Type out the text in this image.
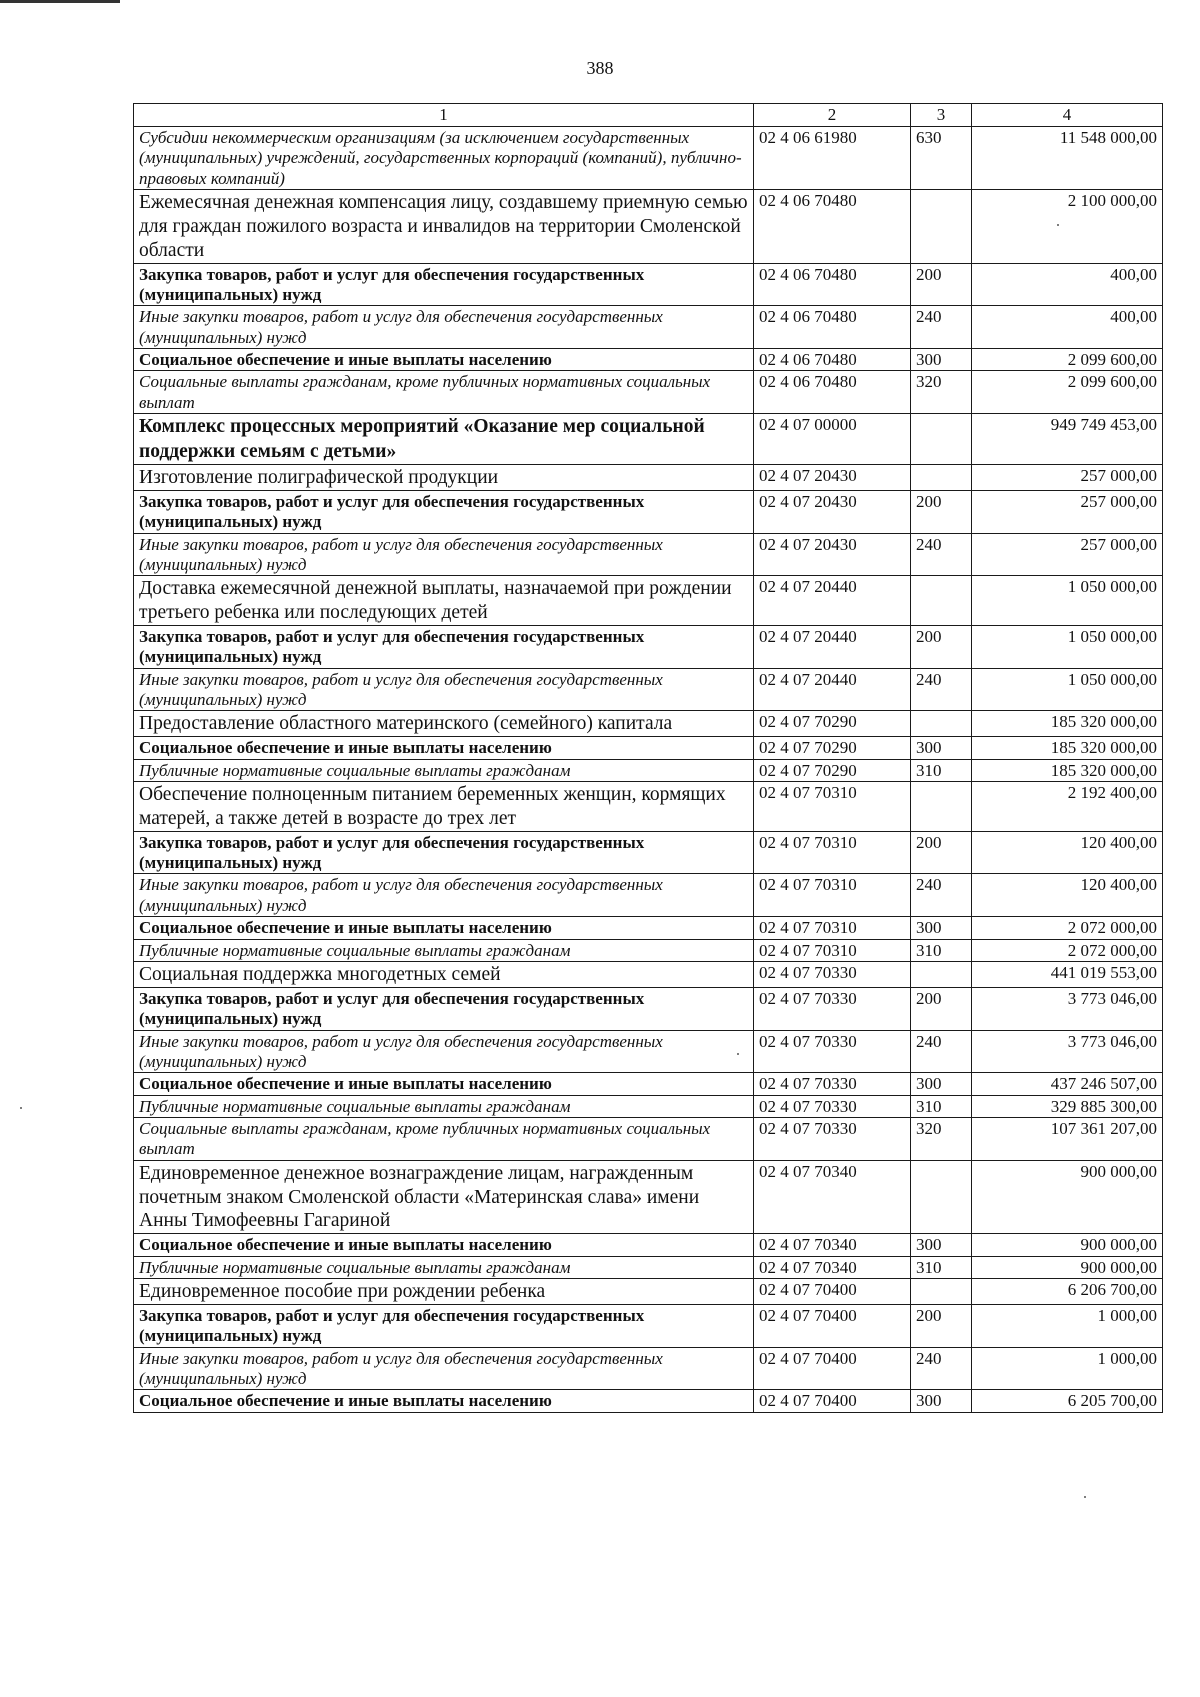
388
1	2	3	4
Субсидии некоммерческим организациям (за исключением государственных (муниципальных) учреждений, государственных корпораций (компаний), публично-правовых компаний)	02 4 06 61980	630	11 548 000,00
Ежемесячная денежная компенсация лицу, создавшему приемную семью для граждан пожилого возраста и инвалидов на территории Смоленской области	02 4 06 70480		2 100 000,00
Закупка товаров, работ и услуг для обеспечения государственных (муниципальных) нужд	02 4 06 70480	200	400,00
Иные закупки товаров, работ и услуг для обеспечения государственных (муниципальных) нужд	02 4 06 70480	240	400,00
Социальное обеспечение и иные выплаты населению	02 4 06 70480	300	2 099 600,00
Социальные выплаты гражданам, кроме публичных нормативных социальных выплат	02 4 06 70480	320	2 099 600,00
Комплекс процессных мероприятий «Оказание мер социальной поддержки семьям с детьми»	02 4 07 00000		949 749 453,00
Изготовление полиграфической продукции	02 4 07 20430		257 000,00
Закупка товаров, работ и услуг для обеспечения государственных (муниципальных) нужд	02 4 07 20430	200	257 000,00
Иные закупки товаров, работ и услуг для обеспечения государственных (муниципальных) нужд	02 4 07 20430	240	257 000,00
Доставка ежемесячной денежной выплаты, назначаемой при рождении третьего ребенка или последующих детей	02 4 07 20440		1 050 000,00
Закупка товаров, работ и услуг для обеспечения государственных (муниципальных) нужд	02 4 07 20440	200	1 050 000,00
Иные закупки товаров, работ и услуг для обеспечения государственных (муниципальных) нужд	02 4 07 20440	240	1 050 000,00
Предоставление областного материнского (семейного) капитала	02 4 07 70290		185 320 000,00
Социальное обеспечение и иные выплаты населению	02 4 07 70290	300	185 320 000,00
Публичные нормативные социальные выплаты гражданам	02 4 07 70290	310	185 320 000,00
Обеспечение полноценным питанием беременных женщин, кормящих матерей, а также детей в возрасте до трех лет	02 4 07 70310		2 192 400,00
Закупка товаров, работ и услуг для обеспечения государственных (муниципальных) нужд	02 4 07 70310	200	120 400,00
Иные закупки товаров, работ и услуг для обеспечения государственных (муниципальных) нужд	02 4 07 70310	240	120 400,00
Социальное обеспечение и иные выплаты населению	02 4 07 70310	300	2 072 000,00
Публичные нормативные социальные выплаты гражданам	02 4 07 70310	310	2 072 000,00
Социальная поддержка многодетных семей	02 4 07 70330		441 019 553,00
Закупка товаров, работ и услуг для обеспечения государственных (муниципальных) нужд	02 4 07 70330	200	3 773 046,00
Иные закупки товаров, работ и услуг для обеспечения государственных (муниципальных) нужд	02 4 07 70330	240	3 773 046,00
Социальное обеспечение и иные выплаты населению	02 4 07 70330	300	437 246 507,00
Публичные нормативные социальные выплаты гражданам	02 4 07 70330	310	329 885 300,00
Социальные выплаты гражданам, кроме публичных нормативных социальных выплат	02 4 07 70330	320	107 361 207,00
Единовременное денежное вознаграждение лицам, награжденным почетным знаком Смоленской области «Материнская слава» имени Анны Тимофеевны Гагариной	02 4 07 70340		900 000,00
Социальное обеспечение и иные выплаты населению	02 4 07 70340	300	900 000,00
Публичные нормативные социальные выплаты гражданам	02 4 07 70340	310	900 000,00
Единовременное пособие при рождении ребенка	02 4 07 70400		6 206 700,00
Закупка товаров, работ и услуг для обеспечения государственных (муниципальных) нужд	02 4 07 70400	200	1 000,00
Иные закупки товаров, работ и услуг для обеспечения государственных (муниципальных) нужд	02 4 07 70400	240	1 000,00
Социальное обеспечение и иные выплаты населению	02 4 07 70400	300	6 205 700,00
